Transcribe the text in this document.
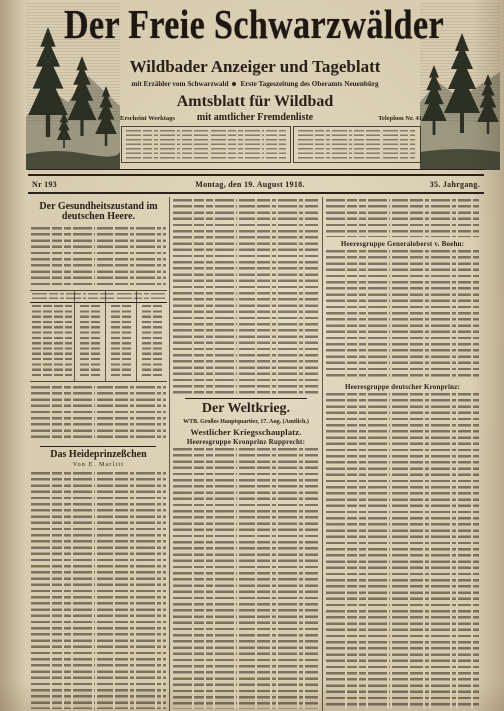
Der Freie Schwarzwälder
Wildbader Anzeiger und Tageblatt
mit Erzähler vom Schwarzwald Erste Tageszeitung des Oberamts Neuenbürg
Amtsblatt für Wildbad
Erscheint Werktags	mit amtlicher Fremdenliste	Telephon Nr. 41
Nr 193	Montag, den 19. August 1918.	35. Jahrgang.
Der Gesundheitszustand im
deutschen Heere.
Das Heideprinzeßchen
Von E. Marlitt
Der Weltkrieg.
WTB. Großes Hauptquartier, 17. Aug. (Amtlich.)
Westlicher Kriegsschauplatz.
Heeresgruppe Kronprinz Rupprecht:
Heeresgruppe Generaloberst v. Boehn:
Heeresgruppe deutscher Kronprinz:
